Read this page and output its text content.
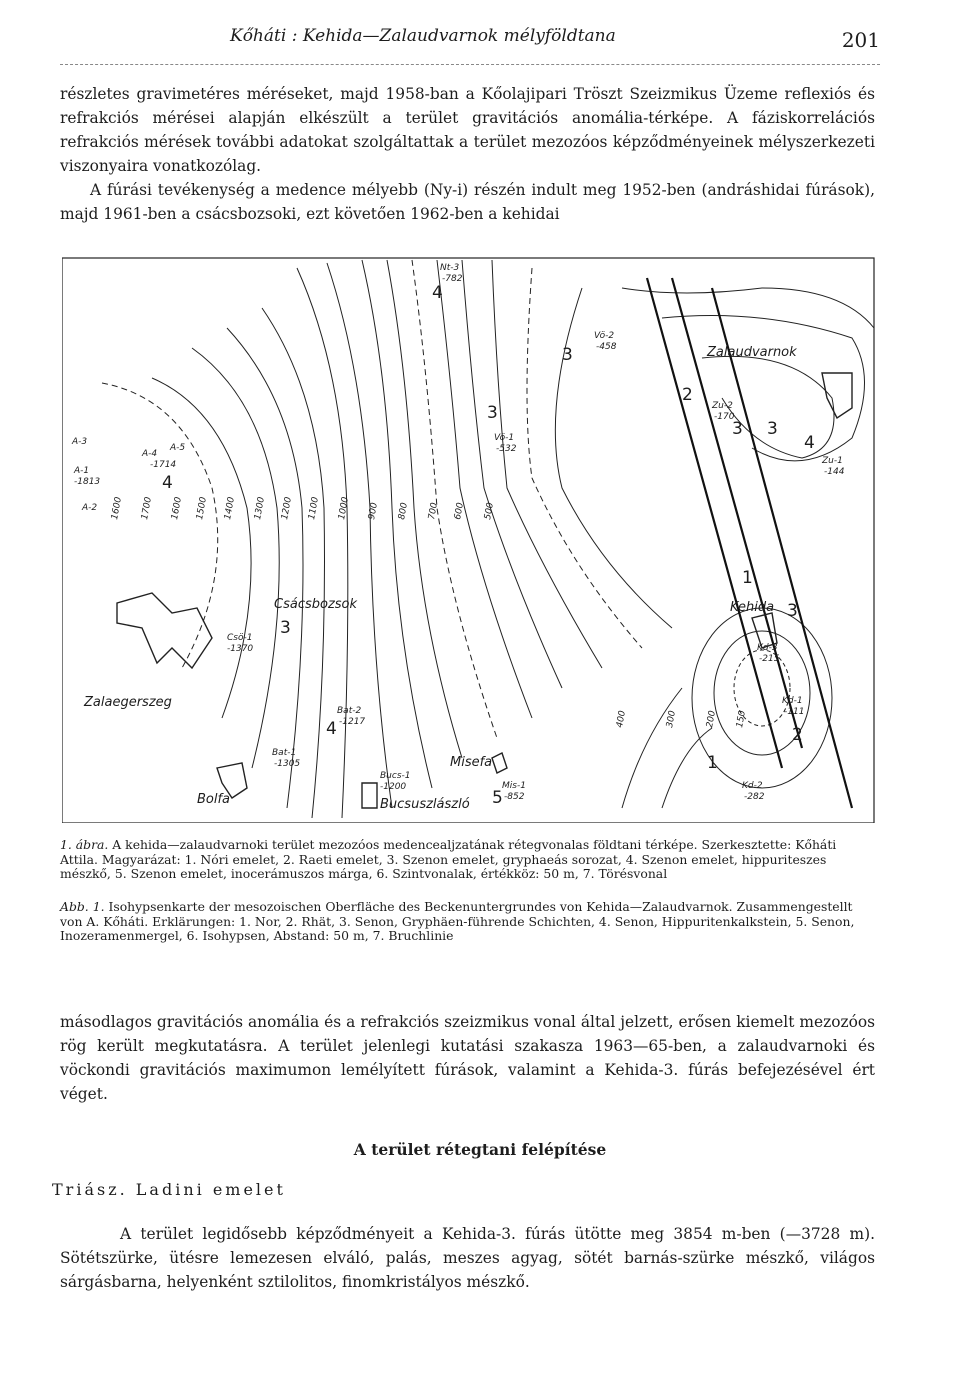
Kőháti : Kehida—Zalaudvarnok mélyföldtana	201

részletes gravimetéres méréseket, majd 1958-ban a Kőolajipari Tröszt Szeizmikus Üzeme reflexiós és refrakciós mérései alapján elkészült a terület gravitációs anomália-térképe. A fáziskorrelációs refrakciós mérések további adatokat szolgáltattak a terület mezozóos képződményeinek mélyszerkezeti viszonyaira vonatkozólag.

A fúrási tevékenység a medence mélyebb (Ny-i) részén indult meg 1952-ben (andráshidai fúrások), majd 1961-ben a csácsbozsoki, ezt követően 1962-ben a kehidai

Zalaudvarnok
Kehida
Csácsbozsok
Zalaegerszeg
Misefa
Bucsuszlászló
Bolfa
Nt-3
-782
Vö-2
-458
Vö-1
-532
Zu-2
-170
Zu-1
-144
A-3
A-4
-1714
A-5
A-1
-1813
A-2
Csö-1
-1370
Bat-2
-1217
Bat-1
-1305
Bucs-1
-1200	Mis-1
-852
Kd-3
-215
Kd-1
-111
Kd-2
-282
1600 1700 1600 1500 1400 1300 1200 1100 1000 900 800 700 600 500
400	300	200 150
4
3
3
2
3 3
4
4
3
4
5
1
2
1
3
1. ábra. A kehida—zalaudvarnoki terület mezozóos medencealjzatának rétegvonalas földtani térképe. Szerkesztette: Kőháti Attila. Magyarázat: 1. Nóri emelet, 2. Raeti emelet, 3. Szenon emelet, gryphaeás sorozat, 4. Szenon emelet, hippuriteszes mészkő, 5. Szenon emelet, inocerámuszos márga, 6. Szintvonalak, értékköz: 50 m, 7. Törésvonal
Abb. 1. Isohypsenkarte der mesozoischen Oberfläche des Beckenuntergrundes von Kehida—Zalaudvarnok. Zusammengestellt von A. Kőháti. Erklärungen: 1. Nor, 2. Rhät, 3. Senon, Gryphäen-führende Schichten, 4. Senon, Hippuritenkalkstein, 5. Senon, Inozeramenmergel, 6. Isohypsen, Abstand: 50 m, 7. Bruchlinie

másodlagos gravitációs anomália és a refrakciós szeizmikus vonal által jelzett, erősen kiemelt mezozóos rög került megkutatásra. A terület jelenlegi kutatási szakasza 1963—65-ben, a zalaudvarnoki és vöckondi gravitációs maximumon lemélyített fúrások, valamint a Kehida-3. fúrás befejezésével ért véget.

A terület rétegtani felépítése
Triász. Ladini emelet

A terület legidősebb képződményeit a Kehida-3. fúrás ütötte meg 3854 m-ben (—3728 m). Sötétszürke, ütésre lemezesen elváló, palás, meszes agyag, sötét barnás-szürke mészkő, világos sárgásbarna, helyenként sztilolitos, finomkristályos mészkő.
